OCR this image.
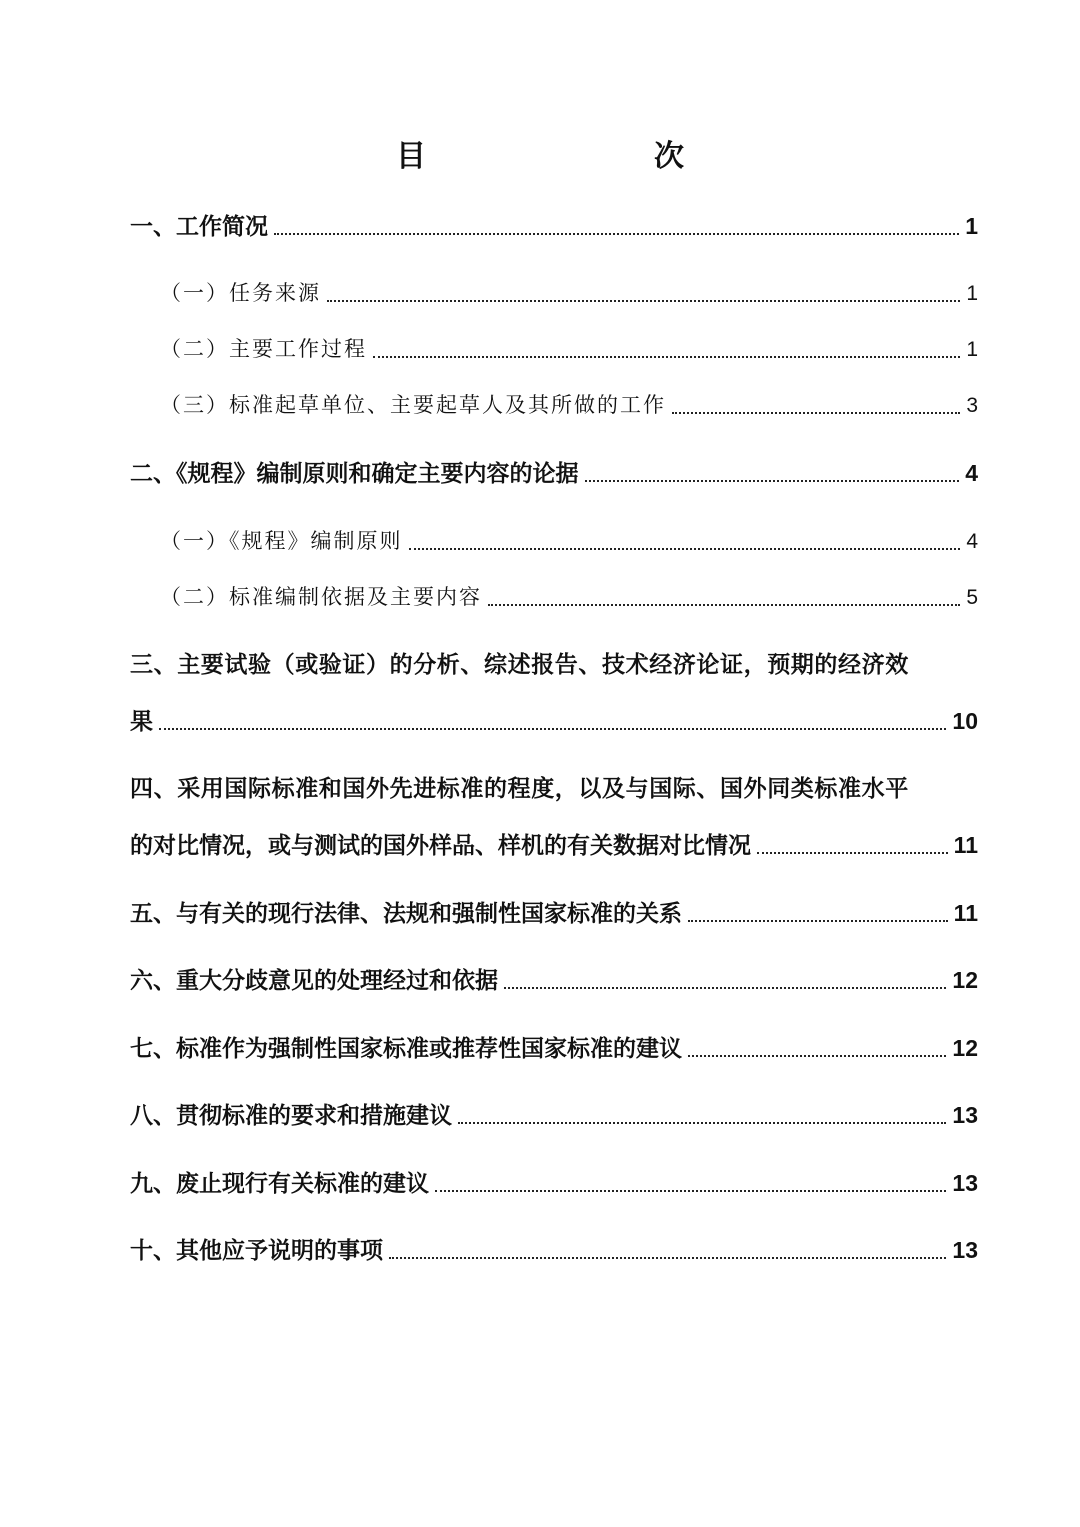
目　　次
一、工作简况	1
（一）任务来源	1
（二）主要工作过程	1
（三）标准起草单位、主要起草人及其所做的工作	3
二、《规程》编制原则和确定主要内容的论据	4
（一）《规程》编制原则	4
（二）标准编制依据及主要内容	5
三、主要试验（或验证）的分析、综述报告、技术经济论证，预期的经济效
果	10
四、采用国际标准和国外先进标准的程度，以及与国际、国外同类标准水平
的对比情况，或与测试的国外样品、样机的有关数据对比情况	11
五、与有关的现行法律、法规和强制性国家标准的关系	11
六、重大分歧意见的处理经过和依据	12
七、标准作为强制性国家标准或推荐性国家标准的建议	12
八、贯彻标准的要求和措施建议	13
九、废止现行有关标准的建议	13
十、其他应予说明的事项	13
